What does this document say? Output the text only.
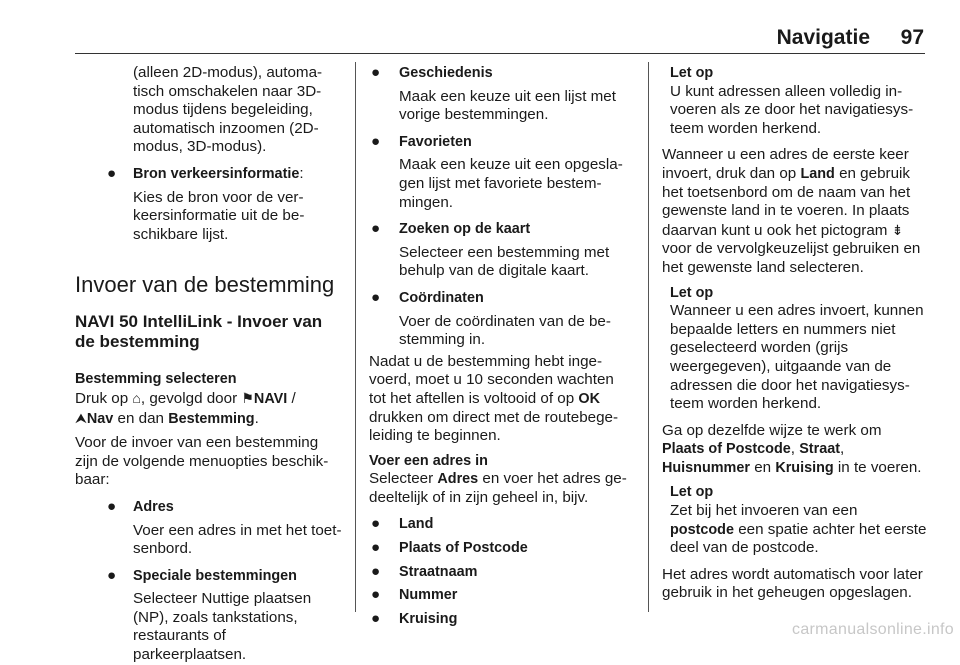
Navigatie 97
(alleen 2D-modus), automatisch omschakelen naar 3D-modus tijdens begeleiding, automatisch inzoomen (2D-modus, 3D-modus).
● Bron verkeersinformatie:
Kies de bron voor de verkeersinformatie uit de beschikbare lijst.
Invoer van de bestemming
NAVI 50 IntelliLink - Invoer van de bestemming
Bestemming selecteren
Druk op ⌂, gevolgd door ⚑NAVI /
⮝Nav en dan Bestemming.
Voor de invoer van een bestemming zijn de volgende menuopties beschikbaar:
● Adres
Voer een adres in met het toetsenbord.
● Speciale bestemmingen
Selecteer Nuttige plaatsen (NP), zoals tankstations, restaurants of parkeerplaatsen.
● Geschiedenis
Maak een keuze uit een lijst met vorige bestemmingen.
● Favorieten
Maak een keuze uit een opgeslagen lijst met favoriete bestemmingen.
● Zoeken op de kaart
Selecteer een bestemming met behulp van de digitale kaart.
● Coördinaten
Voer de coördinaten van de bestemming in.
Nadat u de bestemming hebt ingevoerd, moet u 10 seconden wachten tot het aftellen is voltooid of op OK drukken om direct met de routebegeleiding te beginnen.
Voer een adres in
Selecteer Adres en voer het adres gedeeltelijk of in zijn geheel in, bijv.
● Land
● Plaats of Postcode
● Straatnaam
● Nummer
● Kruising
Let op
U kunt adressen alleen volledig invoeren als ze door het navigatiesysteem worden herkend.
Wanneer u een adres de eerste keer invoert, druk dan op Land en gebruik het toetsenbord om de naam van het gewenste land in te voeren. In plaats daarvan kunt u ook het pictogram ⇟ voor de vervolgkeuzelijst gebruiken en het gewenste land selecteren.
Let op
Wanneer u een adres invoert, kunnen bepaalde letters en nummers niet geselecteerd worden (grijs weergegeven), uitgaande van de adressen die door het navigatiesysteem worden herkend.
Ga op dezelfde wijze te werk om
Plaats of Postcode, Straat,
Huisnummer en Kruising in te voeren.
Let op
Zet bij het invoeren van een
postcode een spatie achter het eerste deel van de postcode.
Het adres wordt automatisch voor later gebruik in het geheugen opgeslagen.
carmanualsonline.info
